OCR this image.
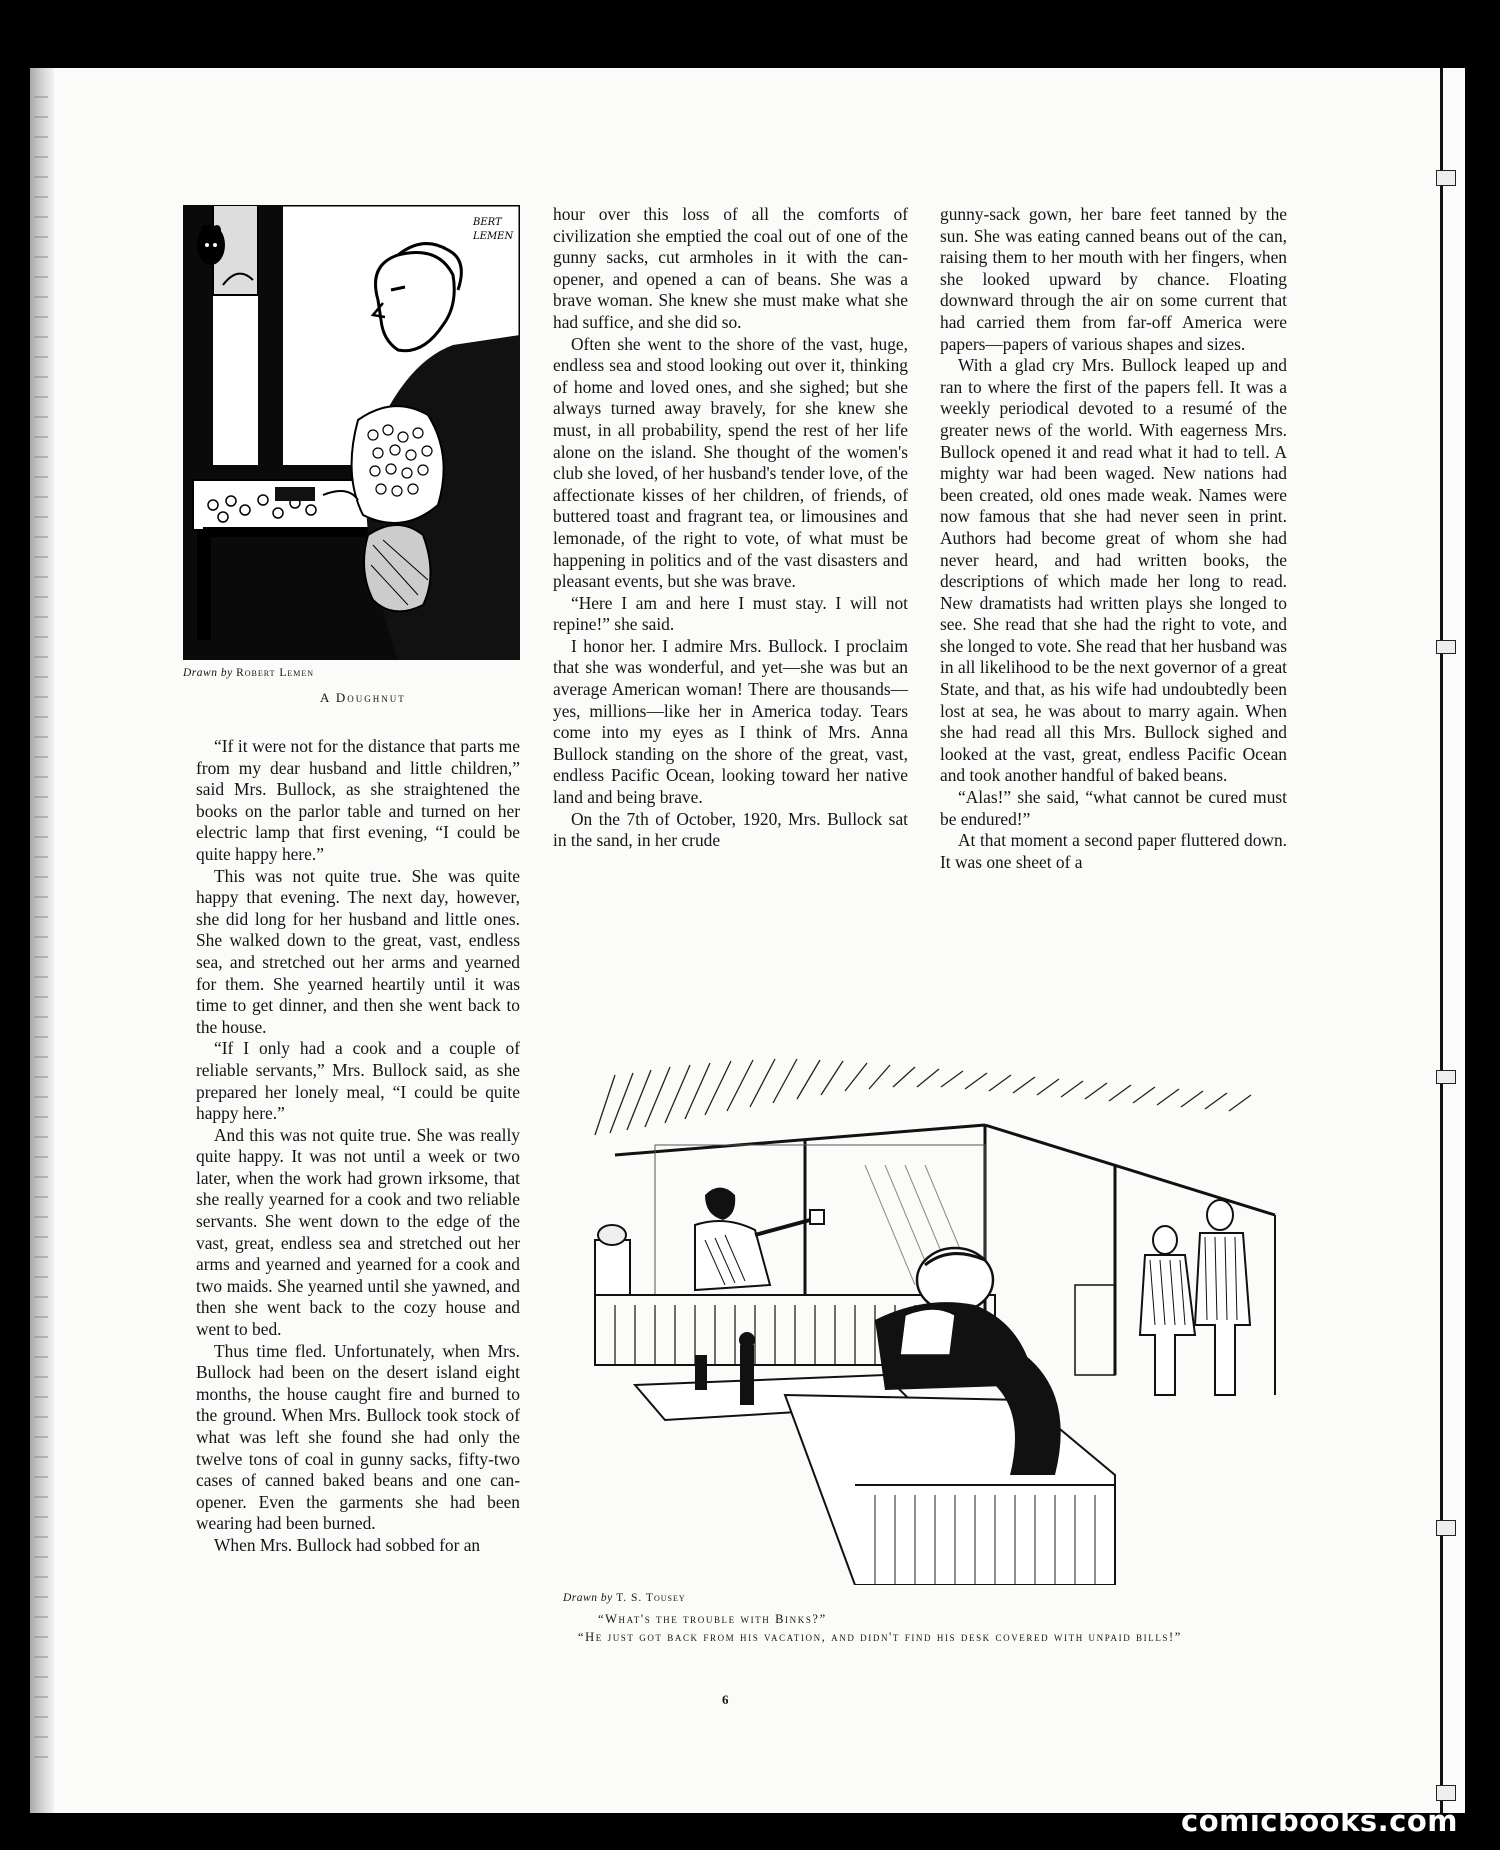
BERT
LEMEN
Drawn by Robert Lemen
A Doughnut

“If it were not for the distance that parts me from my dear husband and little children,” said Mrs. Bullock, as she straightened the books on the parlor table and turned on her electric lamp that first evening, “I could be quite happy here.”

This was not quite true. She was quite happy that evening. The next day, however, she did long for her husband and little ones. She walked down to the great, vast, endless sea, and stretched out her arms and yearned for them. She yearned heartily until it was time to get dinner, and then she went back to the house.

“If I only had a cook and a couple of reliable servants,” Mrs. Bullock said, as she prepared her lonely meal, “I could be quite happy here.”

And this was not quite true. She was really quite happy. It was not until a week or two later, when the work had grown irksome, that she really yearned for a cook and two reliable servants. She went down to the edge of the vast, great, endless sea and stretched out her arms and yearned and yearned for a cook and two maids. She yearned until she yawned, and then she went back to the cozy house and went to bed.

Thus time fled. Unfortunately, when Mrs. Bullock had been on the desert island eight months, the house caught fire and burned to the ground. When Mrs. Bullock took stock of what was left she found she had only the twelve tons of coal in gunny sacks, fifty-two cases of canned baked beans and one can-opener. Even the garments she had been wearing had been burned.

When Mrs. Bullock had sobbed for an

hour over this loss of all the comforts of civilization she emptied the coal out of one of the gunny sacks, cut armholes in it with the can-opener, and opened a can of beans. She was a brave woman. She knew she must make what she had suffice, and she did so.

Often she went to the shore of the vast, huge, endless sea and stood looking out over it, thinking of home and loved ones, and she sighed; but she always turned away bravely, for she knew she must, in all probability, spend the rest of her life alone on the island. She thought of the women's club she loved, of her husband's tender love, of the affectionate kisses of her children, of friends, of buttered toast and fragrant tea, or limousines and lemonade, of the right to vote, of what must be happening in politics and of the vast disasters and pleasant events, but she was brave.

“Here I am and here I must stay. I will not repine!” she said.

I honor her. I admire Mrs. Bullock. I proclaim that she was wonderful, and yet—she was but an average American woman! There are thousands—yes, millions—like her in America today. Tears come into my eyes as I think of Mrs. Anna Bullock standing on the shore of the great, vast, endless Pacific Ocean, looking toward her native land and being brave.

On the 7th of October, 1920, Mrs. Bullock sat in the sand, in her crude

gunny-sack gown, her bare feet tanned by the sun. She was eating canned beans out of the can, raising them to her mouth with her fingers, when she looked upward by chance. Floating downward through the air on some current that had carried them from far-off America were papers—papers of various shapes and sizes.

With a glad cry Mrs. Bullock leaped up and ran to where the first of the papers fell. It was a weekly periodical devoted to a resumé of the greater news of the world. With eagerness Mrs. Bullock opened it and read what it had to tell. A mighty war had been waged. New nations had been created, old ones made weak. Names were now famous that she had never seen in print. Authors had become great of whom she had never heard, and had written books, the descriptions of which made her long to read. New dramatists had written plays she longed to see. She read that she had the right to vote, and she longed to vote. She read that her husband was in all likelihood to be the next governor of a great State, and that, as his wife had undoubtedly been lost at sea, he was about to marry again. When she had read all this Mrs. Bullock sighed and looked at the vast, great, endless Pacific Ocean and took another handful of baked beans.

“Alas!” she said, “what cannot be cured must be endured!”

At that moment a second paper fluttered down. It was one sheet of a

Drawn by T. S. Tousey
“What's the trouble with Binks?”
“He just got back from his vacation, and didn't find his desk covered with unpaid bills!”
6
comicbooks.com
